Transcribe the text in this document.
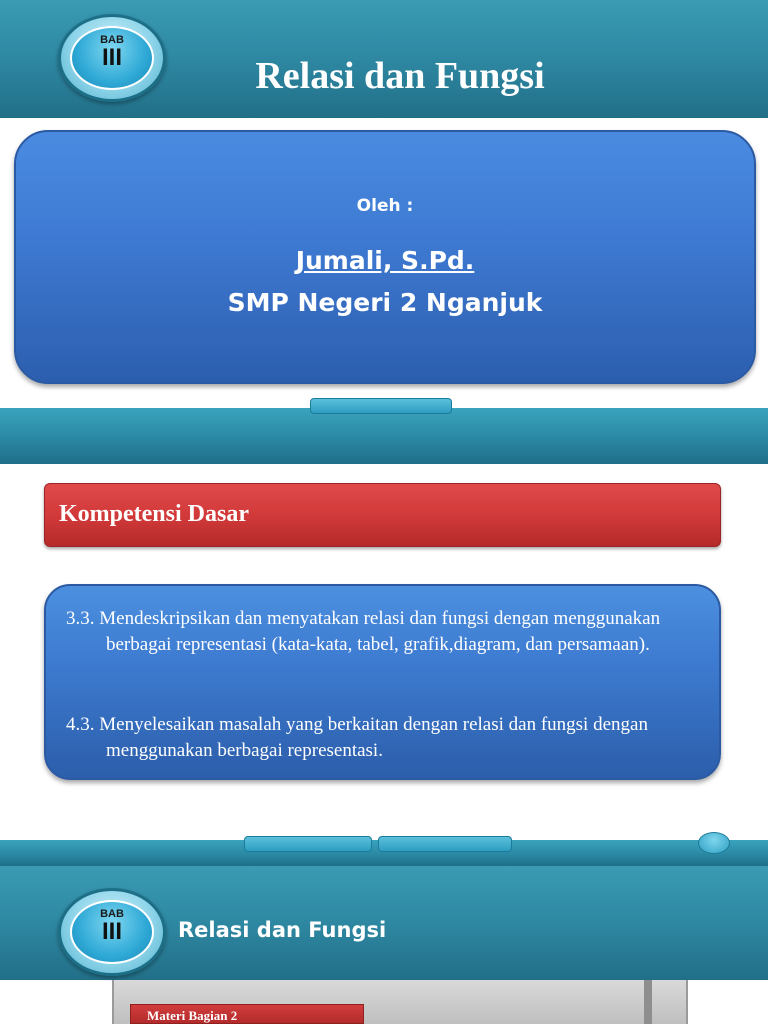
BAB
III	Relasi dan Fungsi
Oleh :
Jumali, S.Pd.
SMP Negeri 2 Nganjuk
Kompetensi Dasar
3.3. Mendeskripsikan dan menyatakan relasi dan fungsi dengan menggunakan berbagai representasi (kata-kata, tabel, grafik,diagram, dan persamaan).
4.3. Menyelesaikan masalah yang berkaitan dengan relasi dan fungsi dengan menggunakan berbagai representasi.
BAB
III	Relasi dan Fungsi
Materi Bagian 2
